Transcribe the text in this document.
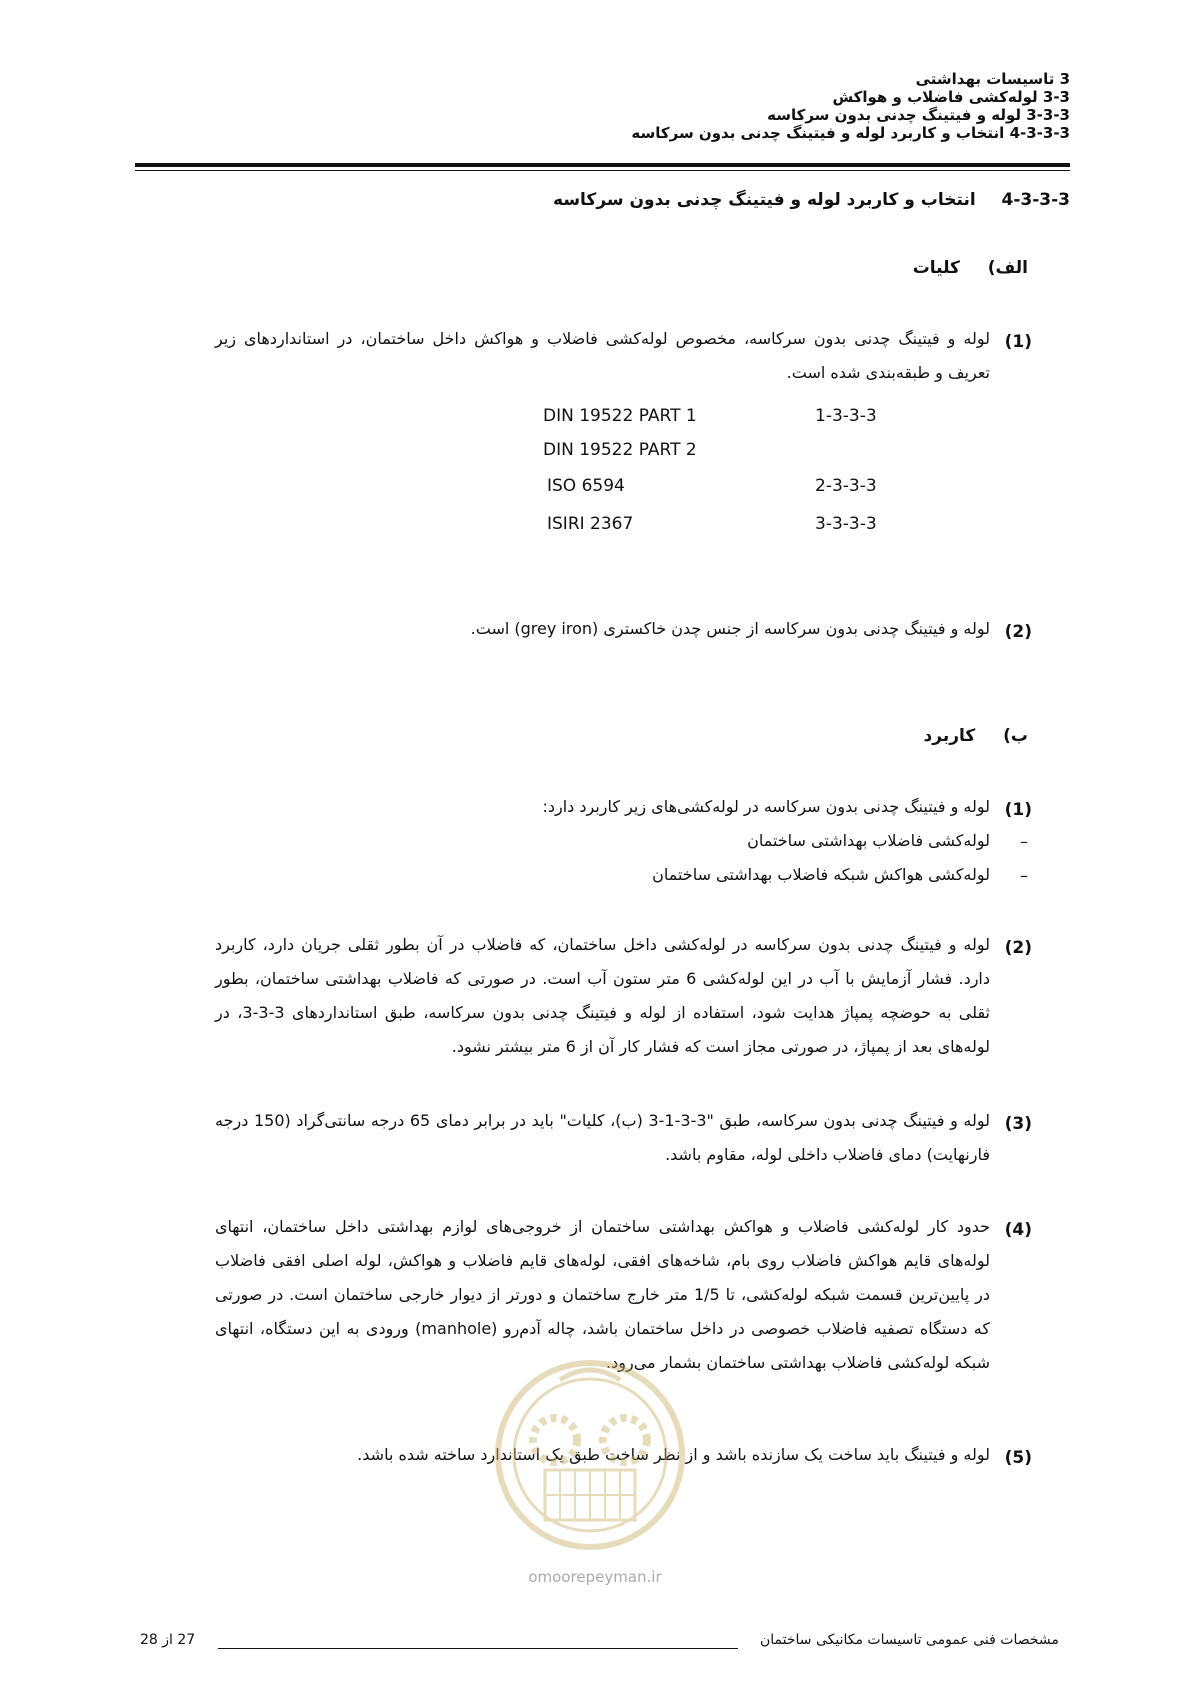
3 تاسیسات بهداشتی
3-3 لوله‌کشی فاضلاب و هواکش
3-3-3 لوله و فیتینگ چدنی بدون سرکاسه
4-3-3-3 انتخاب و کاربرد لوله و فیتینگ چدنی بدون سرکاسه
4-3-3-3  انتخاب و کاربرد لوله و فیتینگ چدنی بدون سرکاسه
الف)  کلیات
(1)
لوله و فیتینگ چدنی بدون سرکاسه، مخصوص لوله‌کشی فاضلاب و هواکش داخل ساختمان، در استانداردهای زیر تعریف و طبقه‌بندی شده است.
1-3-3-3
DIN 19522 PART 1
DIN 19522 PART 2
2-3-3-3
ISO 6594
3-3-3-3
ISIRI 2367
(2)
لوله و فیتینگ چدنی بدون سرکاسه از جنس چدن خاکستری (grey iron) است.
ب)  کاربرد
(1)
لوله و فیتینگ چدنی بدون سرکاسه در لوله‌کشی‌های زیر کاربرد دارد:
–
لوله‌کشی فاضلاب بهداشتی ساختمان
–
لوله‌کشی هواکش شبکه فاضلاب بهداشتی ساختمان
(2)
لوله و فیتینگ چدنی بدون سرکاسه در لوله‌کشی داخل ساختمان، که فاضلاب در آن بطور ثقلی جریان دارد، کاربرد دارد. فشار آزمایش با آب در این لوله‌کشی 6 متر ستون آب است. در صورتی که فاضلاب بهداشتی ساختمان، بطور ثقلی به حوضچه پمپاژ هدایت شود، استفاده از لوله و فیتینگ چدنی بدون سرکاسه، طبق استانداردهای 3-3-3، در لوله‌های بعد از پمپاژ، در صورتی مجاز است که فشار کار آن از 6 متر بیشتر نشود.
(3)
لوله و فیتینگ چدنی بدون سرکاسه، طبق "3-3-1-3 (ب)، کلیات" باید در برابر دمای 65 درجه سانتی‌گراد (150 درجه فارنهایت) دمای فاضلاب داخلی لوله، مقاوم باشد.
(4)
حدود کار لوله‌کشی فاضلاب و هواکش بهداشتی ساختمان از خروجی‌های لوازم بهداشتی داخل ساختمان، انتهای لوله‌های قایم هواکش فاضلاب روی بام، شاخه‌های افقی، لوله‌های قایم فاضلاب و هواکش، لوله اصلی افقی فاضلاب در پایین‌ترین قسمت شبکه لوله‌کشی، تا 1/5 متر خارج ساختمان و دورتر از دیوار خارجی ساختمان است. در صورتی که دستگاه تصفیه فاضلاب خصوصی در داخل ساختمان باشد، چاله آدم‌رو (manhole) ورودی به این دستگاه، انتهای شبکه لوله‌کشی فاضلاب بهداشتی ساختمان بشمار می‌رود.
(5)
لوله و فیتینگ باید ساخت یک سازنده باشد و از نظر ساخت طبق یک استاندارد ساخته شده باشد.
omoorepeyman.ir
مشخصات فنی عمومی تاسیسات مکانیکی ساختمان
27 از 28
